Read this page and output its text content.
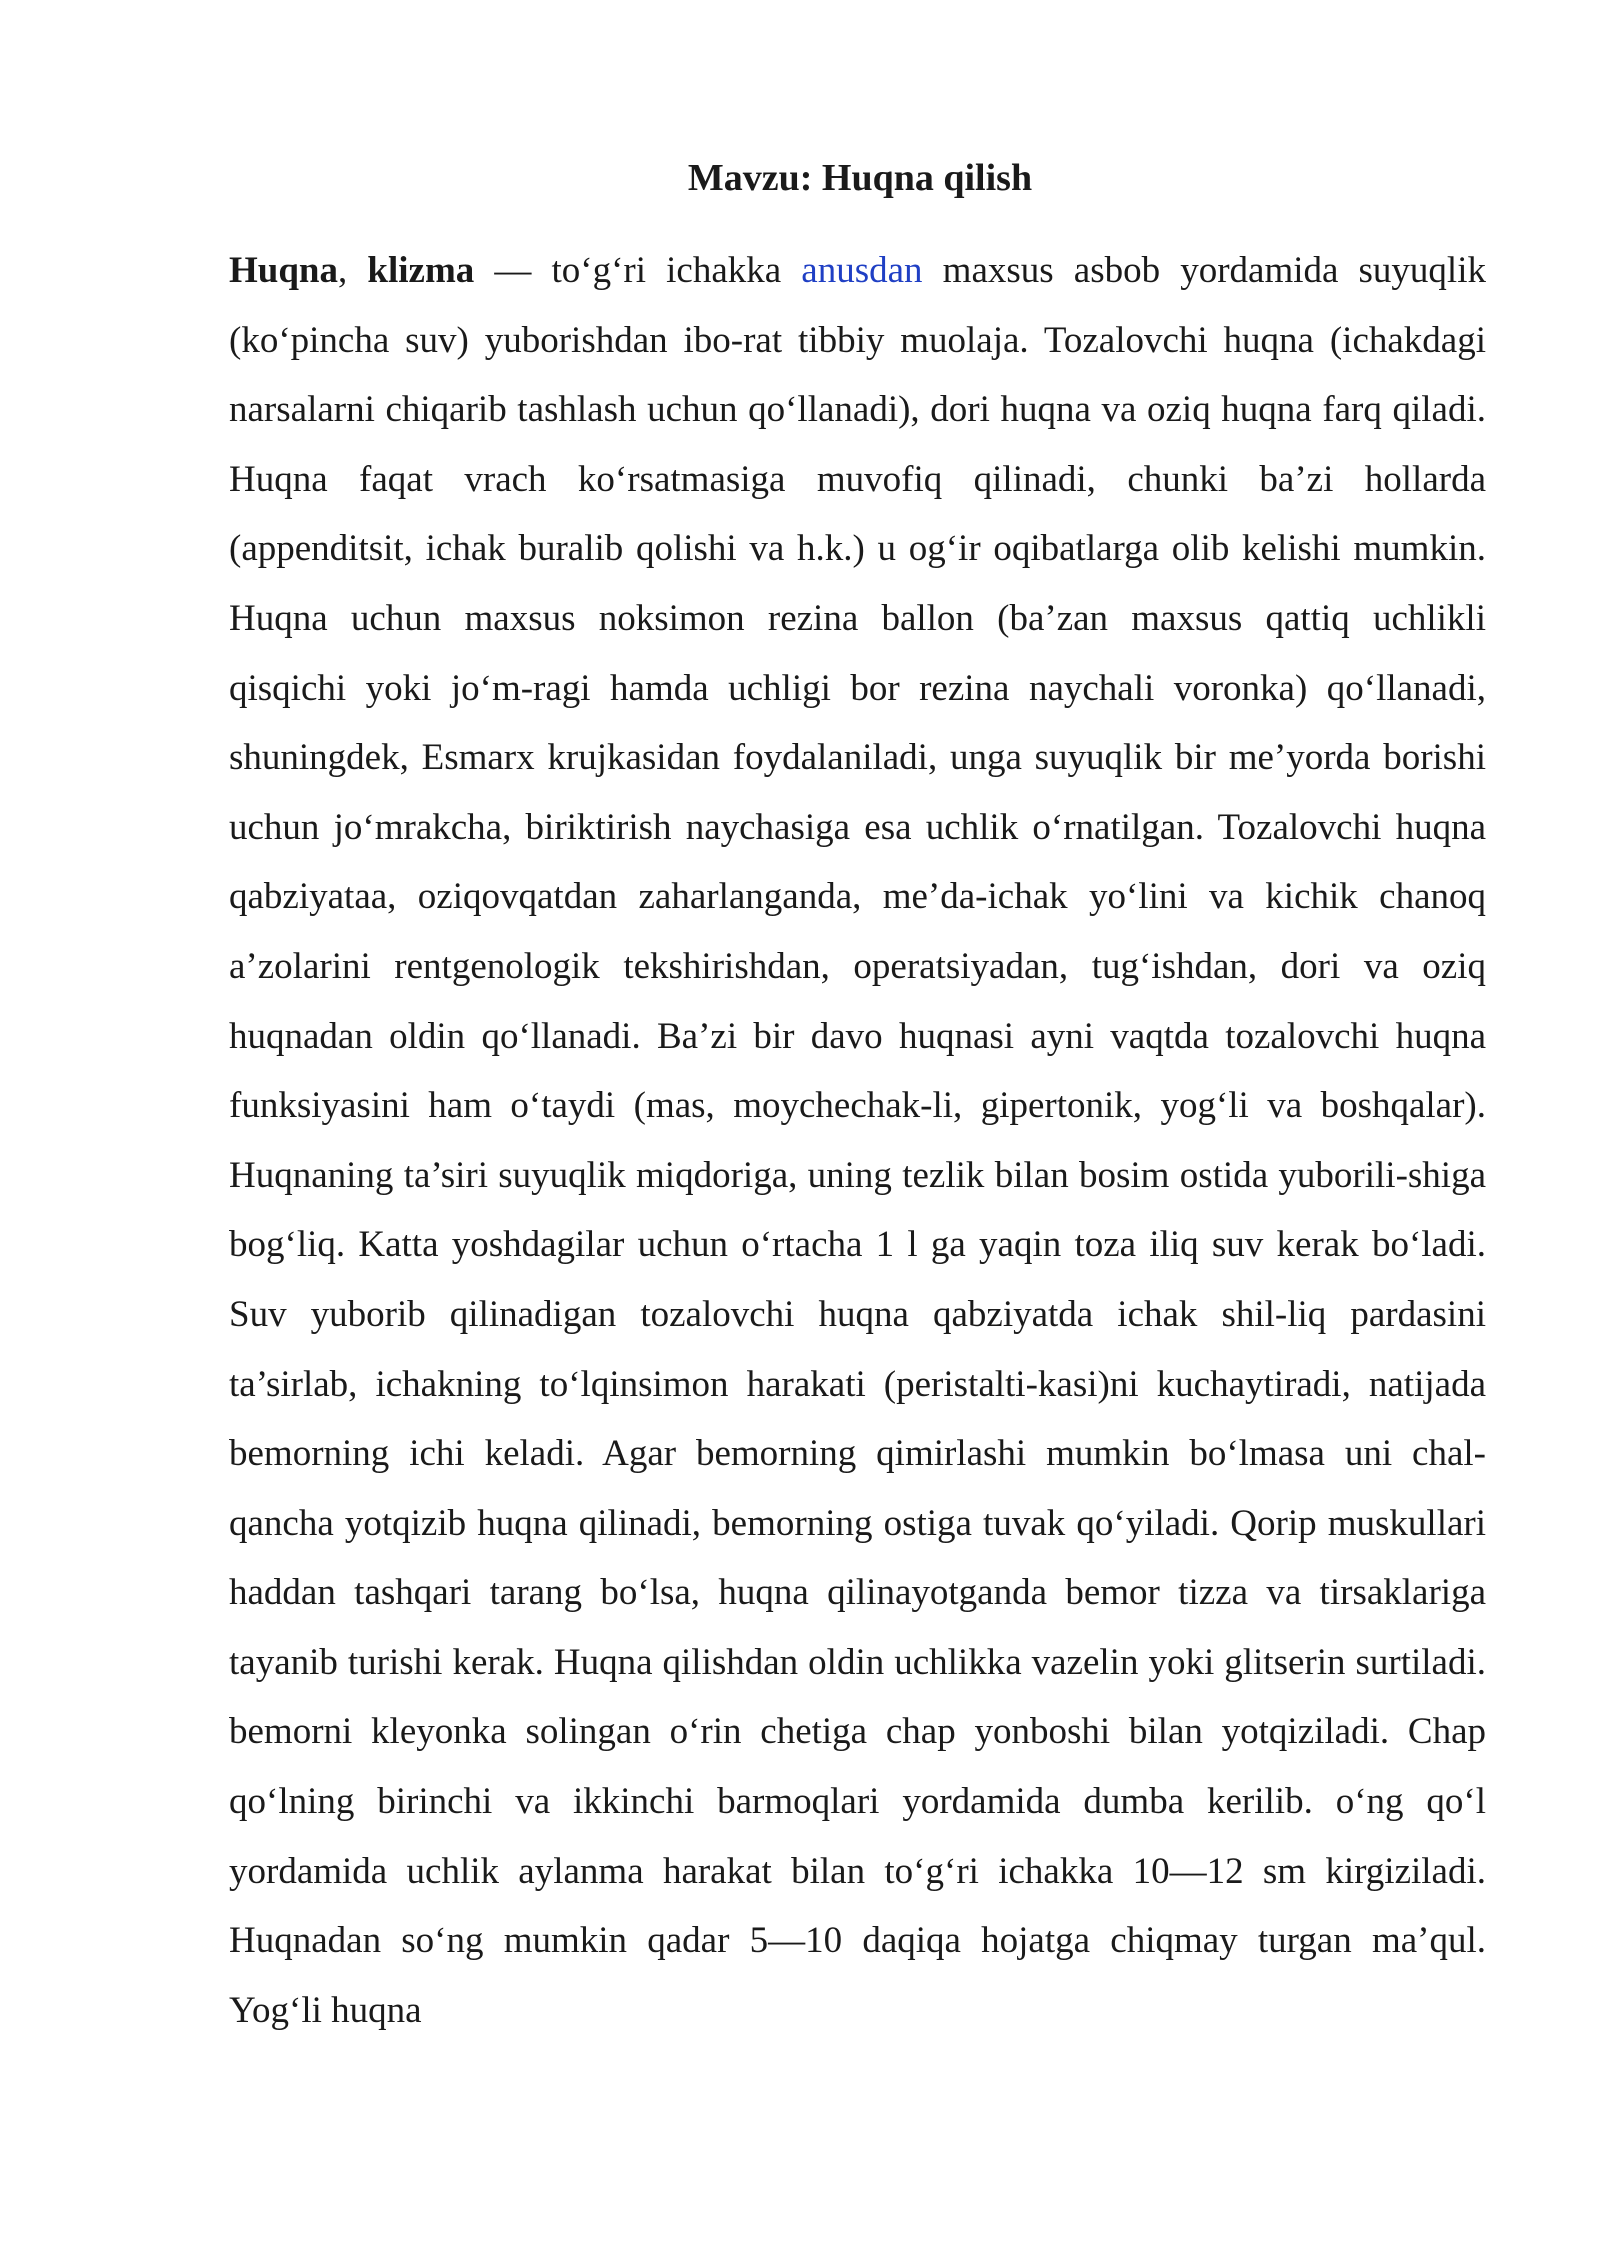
Mavzu: Huqna qilish

Huqna, klizma — to‘g‘ri ichakka anusdan maxsus asbob yordamida suyuqlik (ko‘pincha suv) yuborishdan ibo-rat tibbiy muolaja. Tozalovchi huqna (ichakdagi narsalarni chiqarib tashlash uchun qo‘llanadi), dori huqna va oziq huqna farq qiladi. Huqna faqat vrach ko‘rsatmasiga muvofiq qilinadi, chunki ba’zi hollarda (appenditsit, ichak buralib qolishi va h.k.) u og‘ir oqibatlarga olib kelishi mumkin. Huqna uchun maxsus noksimon rezina ballon (ba’zan maxsus qattiq uchlikli qisqichi yoki jo‘m-ragi hamda uchligi bor rezina naychali voronka) qo‘llanadi, shuningdek, Esmarx krujkasidan foydalaniladi, unga suyuqlik bir me’yorda borishi uchun jo‘mrakcha, biriktirish naychasiga esa uchlik o‘rnatilgan. Tozalovchi huqna qabziyataa, oziqovqatdan zaharlanganda, me’da-ichak yo‘lini va kichik chanoq a’zolarini rentgenologik tekshirishdan, operatsiyadan, tug‘ishdan, dori va oziq huqnadan oldin qo‘llanadi. Ba’zi bir davo huqnasi ayni vaqtda tozalovchi huqna funksiyasini ham o‘taydi (mas, moychechak-li, gipertonik, yog‘li va boshqalar). Huqnaning ta’siri suyuqlik miqdoriga, uning tezlik bilan bosim ostida yuborili-shiga bog‘liq. Katta yoshdagilar uchun o‘rtacha 1 l ga yaqin toza iliq suv kerak bo‘ladi. Suv yuborib qilinadigan tozalovchi huqna qabziyatda ichak shil-liq pardasini ta’sirlab, ichakning to‘lqinsimon harakati (peristalti-kasi)ni kuchaytiradi, natijada bemorning ichi keladi. Agar bemorning qimirlashi mumkin bo‘lmasa uni chal-qancha yotqizib huqna qilinadi, bemorning ostiga tuvak qo‘yiladi. Qorip muskullari haddan tashqari tarang bo‘lsa, huqna qilinayotganda bemor tizza va tirsaklariga tayanib turishi kerak. Huqna qilishdan oldin uchlikka vazelin yoki glitserin surtiladi. bemorni kleyonka solingan o‘rin chetiga chap yonboshi bilan yotqiziladi. Chap qo‘lning birinchi va ikkinchi barmoqlari yordamida dumba kerilib. o‘ng qo‘l yordamida uchlik aylanma harakat bilan to‘g‘ri ichakka 10—12 sm kirgiziladi. Huqnadan so‘ng mumkin qadar 5—10 daqiqa hojatga chiqmay turgan ma’qul. Yog‘li huqna
